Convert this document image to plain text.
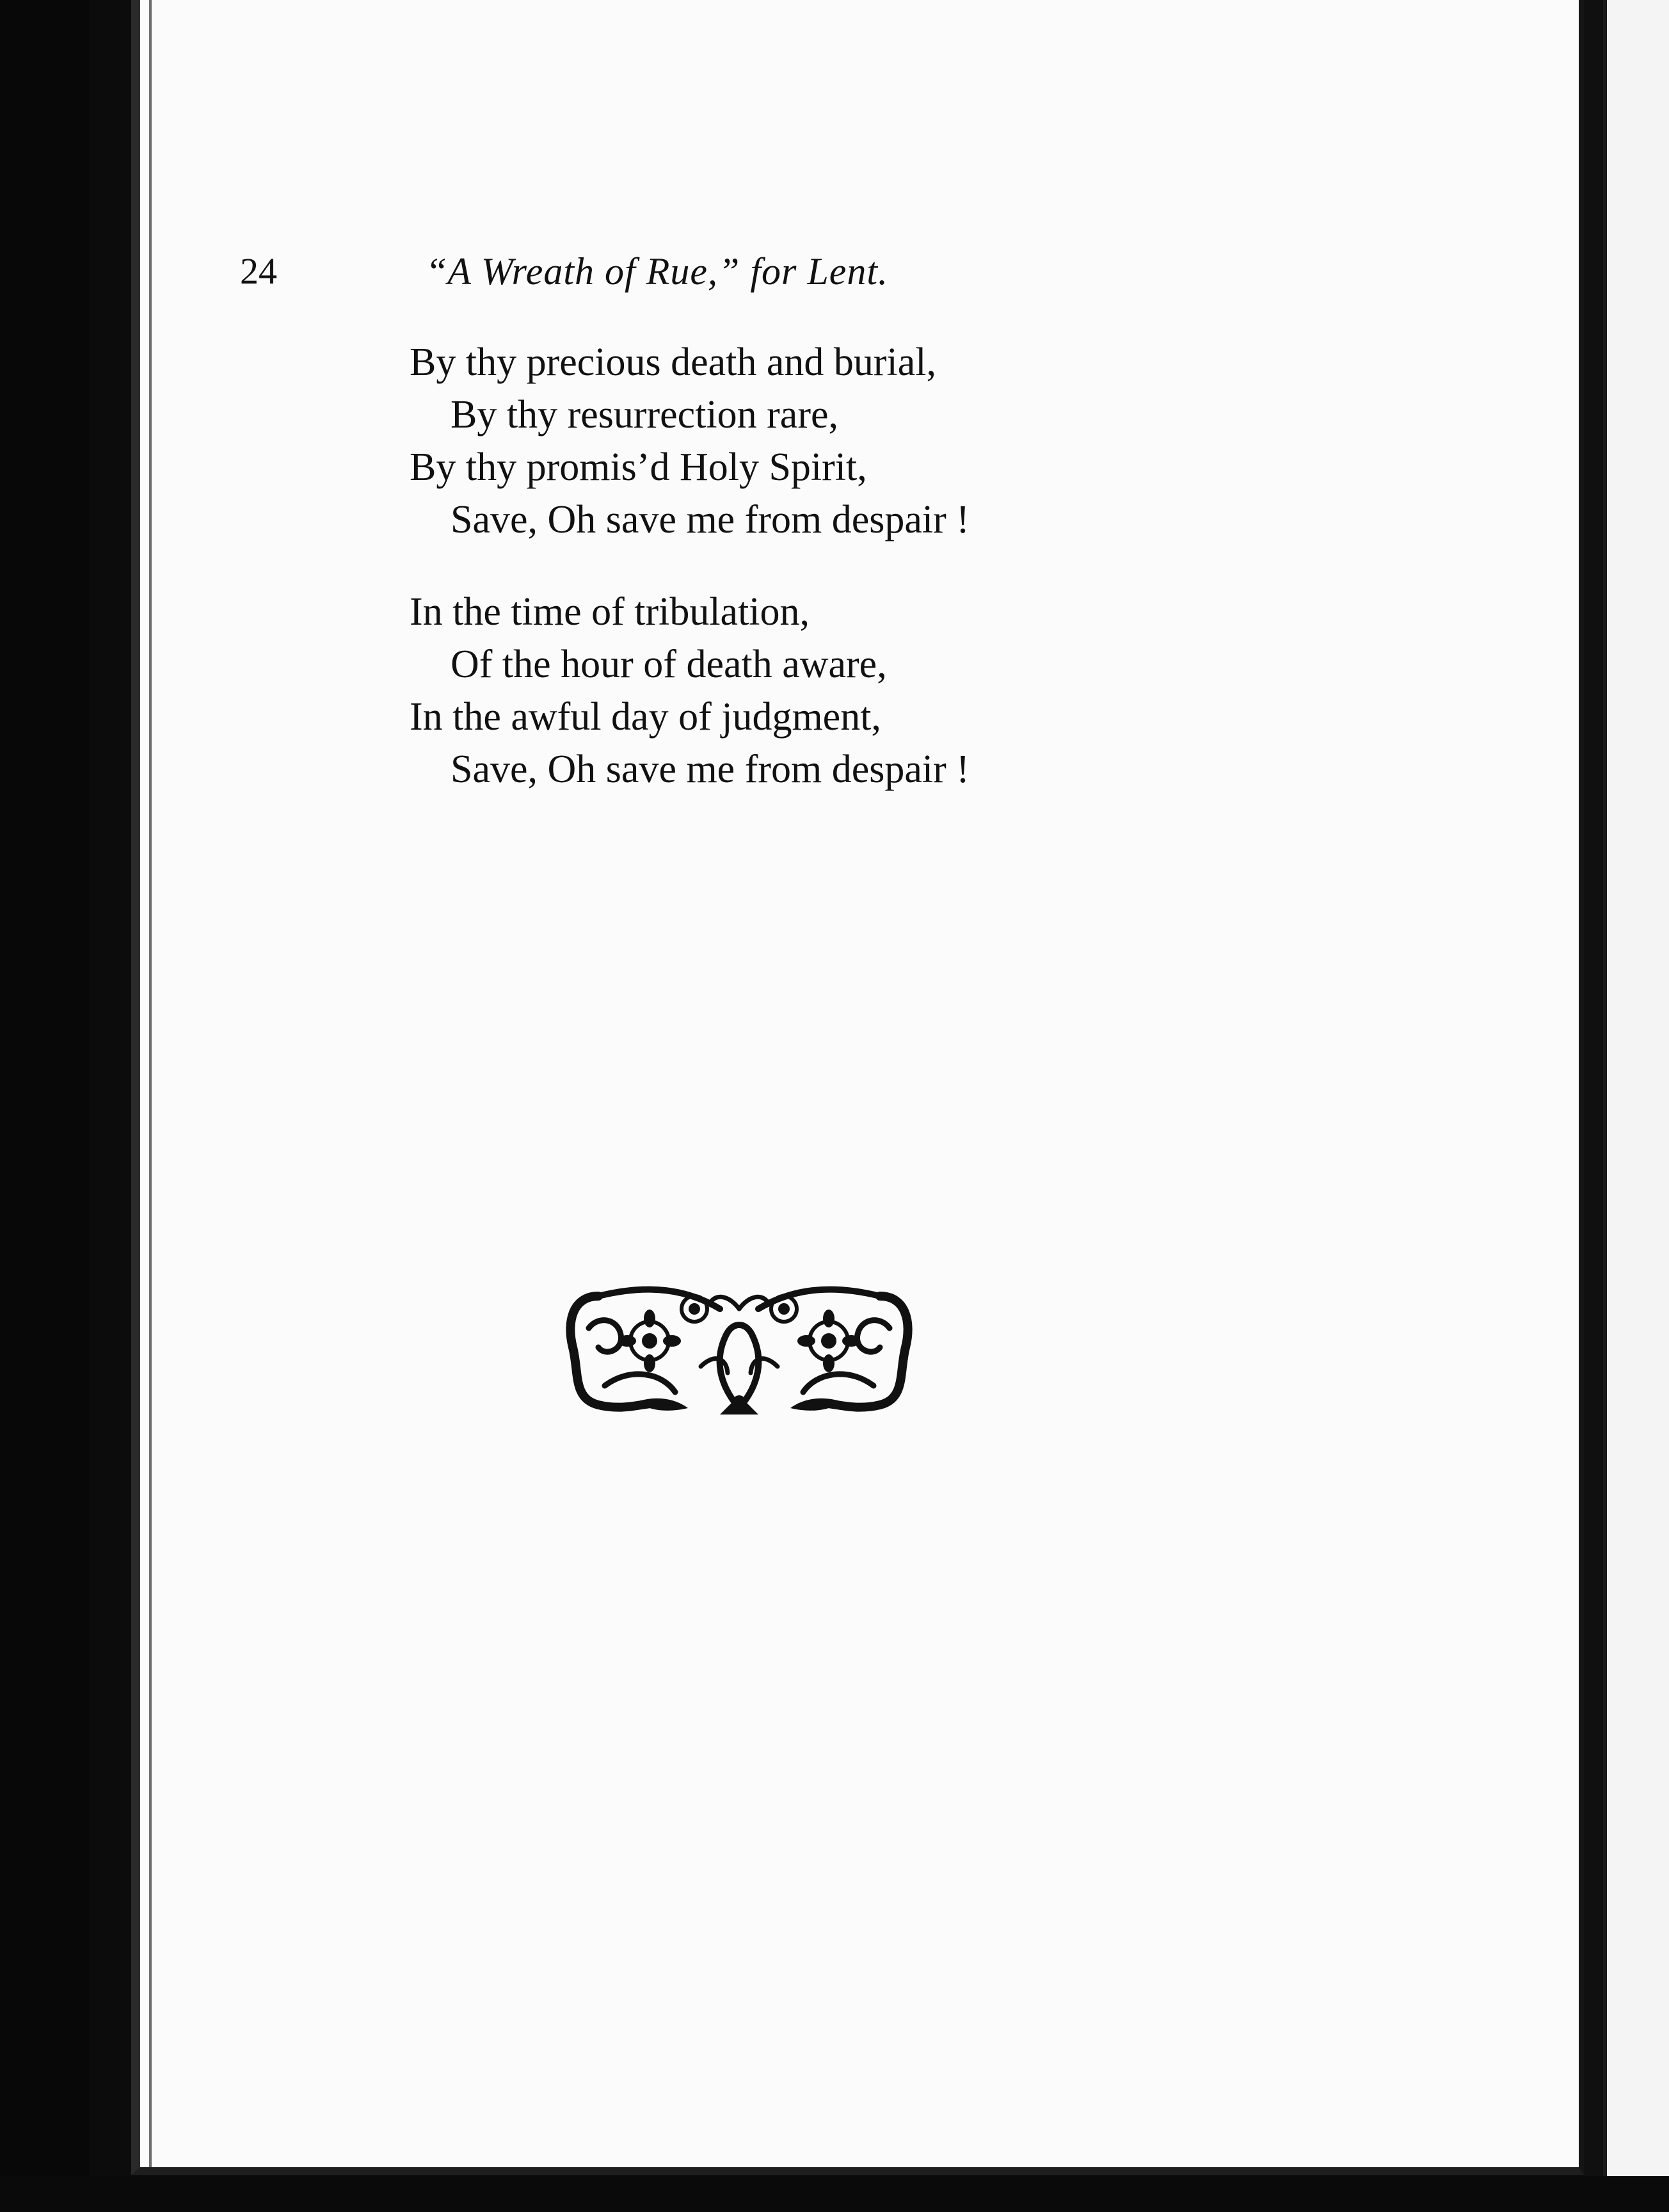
24	“A Wreath of Rue,” for Lent.
By thy precious death and burial,
By thy resurrection rare,
By thy promis’d Holy Spirit,
Save, Oh save me from despair !
In the time of tribulation,
Of the hour of death aware,
In the awful day of judgment,
Save, Oh save me from despair !
